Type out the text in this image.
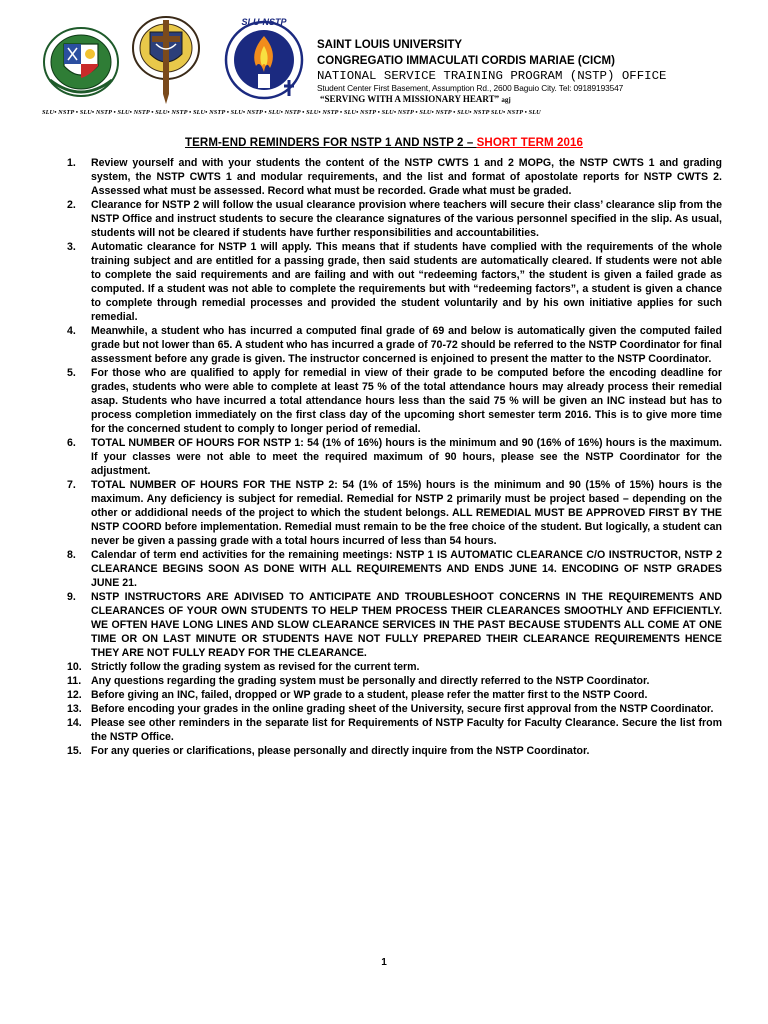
SLU-NSTP
SAINT LOUIS UNIVERSITY
CONGREGATIO IMMACULATI CORDIS MARIAE (CICM)
NATIONAL SERVICE TRAINING PROGRAM (NSTP) OFFICE
Student Center First Basement, Assumption Rd., 2600 Baguio City. Tel: 09189193547
“SERVING WITH A MISSIONARY HEART” agj
SLU• NSTP • SLU• NSTP • SLU• NSTP • SLU• NSTP • SLU• NSTP • SLU• NSTP • SLU• NSTP • SLU• NSTP • SLU• NSTP • SLU• NSTP • SLU• NSTP • SLU• NSTP SLU• NSTP • SLU
TERM-END REMINDERS FOR NSTP 1 AND NSTP 2 – SHORT TERM 2016
1. Review yourself and with your students the content of the NSTP CWTS 1 and 2 MOPG, the NSTP CWTS 1 and grading system, the NSTP CWTS 1 and modular requirements, and the list and format of apostolate reports for NSTP CWTS 2. Assessed what must be assessed. Record what must be recorded. Grade what must be graded.
2. Clearance for NSTP 2 will follow the usual clearance provision where teachers will secure their class’ clearance slip from the NSTP Office and instruct students to secure the clearance signatures of the various personnel specified in the slip. As usual, students will not be cleared if students have further responsibilities and accountabilities.
3. Automatic clearance for NSTP 1 will apply. This means that if students have complied with the requirements of the whole training subject and are entitled for a passing grade, then said students are automatically cleared. If students were not able to complete the said requirements and are failing and with out “redeeming factors,” the student is given a failed grade as computed. If a student was not able to complete the requirements but with “redeeming factors”, a student is given a chance to complete through remedial processes and provided the student voluntarily and by his own initiative applies for such remedial.
4. Meanwhile, a student who has incurred a computed final grade of 69 and below is automatically given the computed failed grade but not lower than 65. A student who has incurred a grade of 70-72 should be referred to the NSTP Coordinator for final assessment before any grade is given. The instructor concerned is enjoined to present the matter to the NSTP Coordinator.
5. For those who are qualified to apply for remedial in view of their grade to be computed before the encoding deadline for grades, students who were able to complete at least 75 % of the total attendance hours may already process their remedial asap. Students who have incurred a total attendance hours less than the said 75 % will be given an INC instead but has to process completion immediately on the first class day of the upcoming short semester term 2016. This is to give more time for the concerned student to comply to longer period of remedial.
6. TOTAL NUMBER OF HOURS FOR NSTP 1: 54 (1% of 16%) hours is the minimum and 90 (16% of 16%) hours is the maximum. If your classes were not able to meet the required maximum of 90 hours, please see the NSTP Coordinator for the adjustment.
7. TOTAL NUMBER OF HOURS FOR THE NSTP 2: 54 (1% of 15%) hours is the minimum and 90 (15% of 15%) hours is the maximum. Any deficiency is subject for remedial. Remedial for NSTP 2 primarily must be project based – depending on the other or addidional needs of the project to which the student belongs. ALL REMEDIAL MUST BE APPROVED FIRST BY THE NSTP COORD before implementation. Remedial must remain to be the free choice of the student. But logically, a student can never be given a passing grade with a total hours incurred of less than 54 hours.
8. Calendar of term end activities for the remaining meetings: NSTP 1 IS AUTOMATIC CLEARANCE C/O INSTRUCTOR, NSTP 2 CLEARANCE BEGINS SOON AS DONE WITH ALL REQUIREMENTS AND ENDS JUNE 14. ENCODING OF NSTP GRADES JUNE 21.
9. NSTP INSTRUCTORS ARE ADIVISED TO ANTICIPATE AND TROUBLESHOOT CONCERNS IN THE REQUIREMENTS AND CLEARANCES OF YOUR OWN STUDENTS TO HELP THEM PROCESS THEIR CLEARANCES SMOOTHLY AND EFFICIENTLY. WE OFTEN HAVE LONG LINES AND SLOW CLEARANCE SERVICES IN THE PAST BECAUSE STUDENTS ALL COME AT ONE TIME OR ON LAST MINUTE OR STUDENTS HAVE NOT FULLY PREPARED THEIR CLEARANCE REQUIREMENTS HENCE THEY ARE NOT FULLY READY FOR THE CLEARANCE.
10. Strictly follow the grading system as revised for the current term.
11. Any questions regarding the grading system must be personally and directly referred to the NSTP Coordinator.
12. Before giving an INC, failed, dropped or WP grade to a student, please refer the matter first to the NSTP Coord.
13. Before encoding your grades in the online grading sheet of the University, secure first approval from the NSTP Coordinator.
14. Please see other reminders in the separate list for Requirements of NSTP Faculty for Faculty Clearance. Secure the list from the NSTP Office.
15. For any queries or clarifications, please personally and directly inquire from the NSTP Coordinator.
1
